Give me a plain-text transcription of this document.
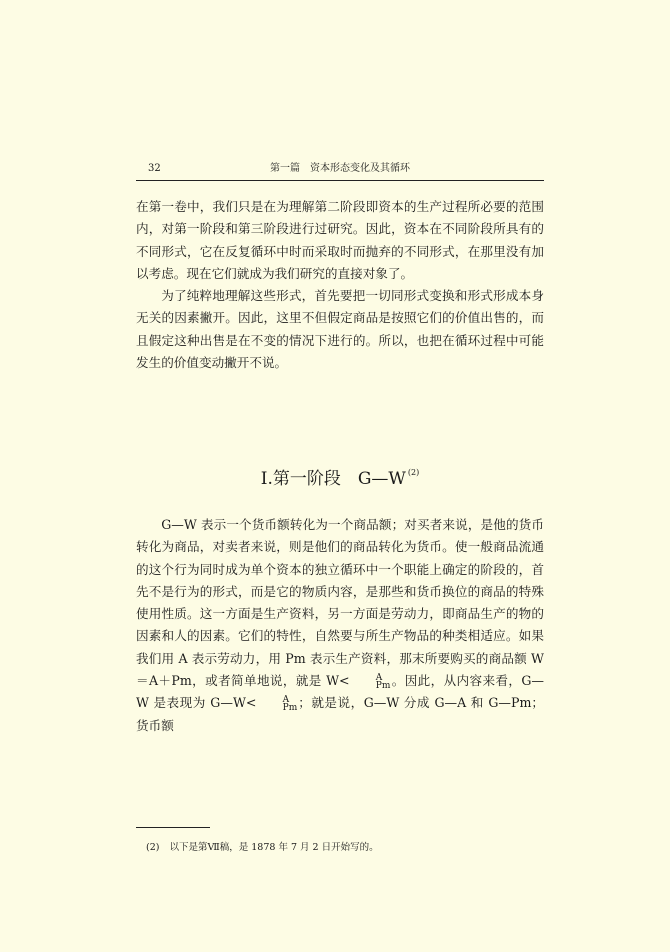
32	第一篇　资本形态变化及其循环

在第一卷中，我们只是在为理解第二阶段即资本的生产过程所必要的范围内，对第一阶段和第三阶段进行过研究。因此，资本在不同阶段所具有的不同形式，它在反复循环中时而采取时而抛弃的不同形式，在那里没有加以考虑。现在它们就成为我们研究的直接对象了。

为了纯粹地理解这些形式，首先要把一切同形式变换和形式形成本身无关的因素撇开。因此，这里不但假定商品是按照它们的价值出售的，而且假定这种出售是在不变的情况下进行的。所以，也把在循环过程中可能发生的价值变动撇开不说。

Ⅰ.第一阶段　G—W $^{(2)}$

G—W 表示一个货币额转化为一个商品额；对买者来说，是他的货币转化为商品，对卖者来说，则是他们的商品转化为货币。使一般商品流通的这个行为同时成为单个资本的独立循环中一个职能上确定的阶段的，首先不是行为的形式，而是它的物质内容，是那些和货币换位的商品的特殊使用性质。这一方面是生产资料，另一方面是劳动力，即商品生产的物的因素和人的因素。它们的特性，自然要与所生产物品的种类相适应。如果我们用 A 表示劳动力，用 Pm 表示生产资料，那末所要购买的商品额 W＝A＋Pm，或者简单地说，就是 W<	A
Pm 。因此，从内容来看，G—W 是表现为 G—W<	A
Pm ；就是说，G—W 分成 G—A 和 G—Pm；货币额

(2) 以下是第Ⅶ稿，是 1878 年 7 月 2 日开始写的。
